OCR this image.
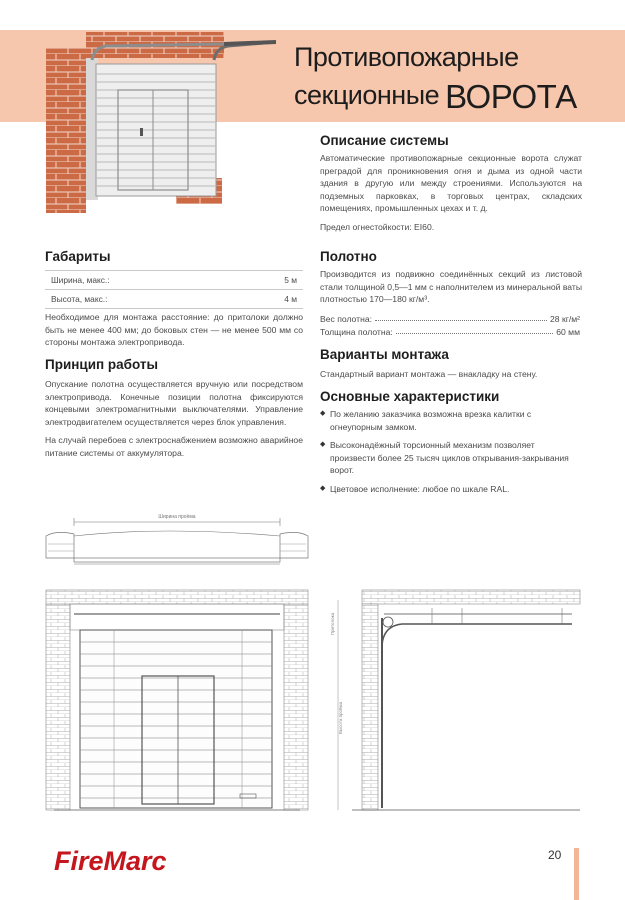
Противопожарные
секционные ВОРОТА
Описание системы
Автоматические противопожарные секционные ворота служат преградой для проникновения огня и дыма из одной части здания в другую или между строениями. Используются на подземных парковках, в торговых центрах, складских помещениях, промышленных цехах и т. д.
Предел огнестойкости: EI60.
Габариты
Ширина, макс.:	5 м
Высота, макс.:	4 м
Необходимое для монтажа расстояние: до притолоки должно быть не менее 400 мм; до боковых стен — не менее 500 мм со стороны монтажа электропривода.
Принцип работы
Опускание полотна осуществляется вручную или посредством электропривода. Конечные позиции полотна фиксируются концевыми электромагнитными выключателями. Управление электродвигателем осуществляется через блок управления.
На случай перебоев с электроснабжением возможно аварийное питание системы от аккумулятора.
Полотно
Производится из подвижно соединённых секций из листовой стали толщиной 0,5—1 мм с наполнителем из минеральной ваты плотностью 170—180 кг/м³.
Вес полотна:	28 кг/м²
Толщина полотна:	60 мм
Варианты монтажа
Стандартный вариант монтажа — внакладку на стену.
Основные характеристики
◆ По желанию заказчика возможна врезка калитки с огнеупорным замком.
◆ Высоконадёжный торсионный механизм позволяет произвести более 25 тысяч циклов открывания-закрывания ворот.
◆ Цветовое исполнение: любое по шкале RAL.
Ширина проёма
Притолока
Высота проёма
FireMarc	20
